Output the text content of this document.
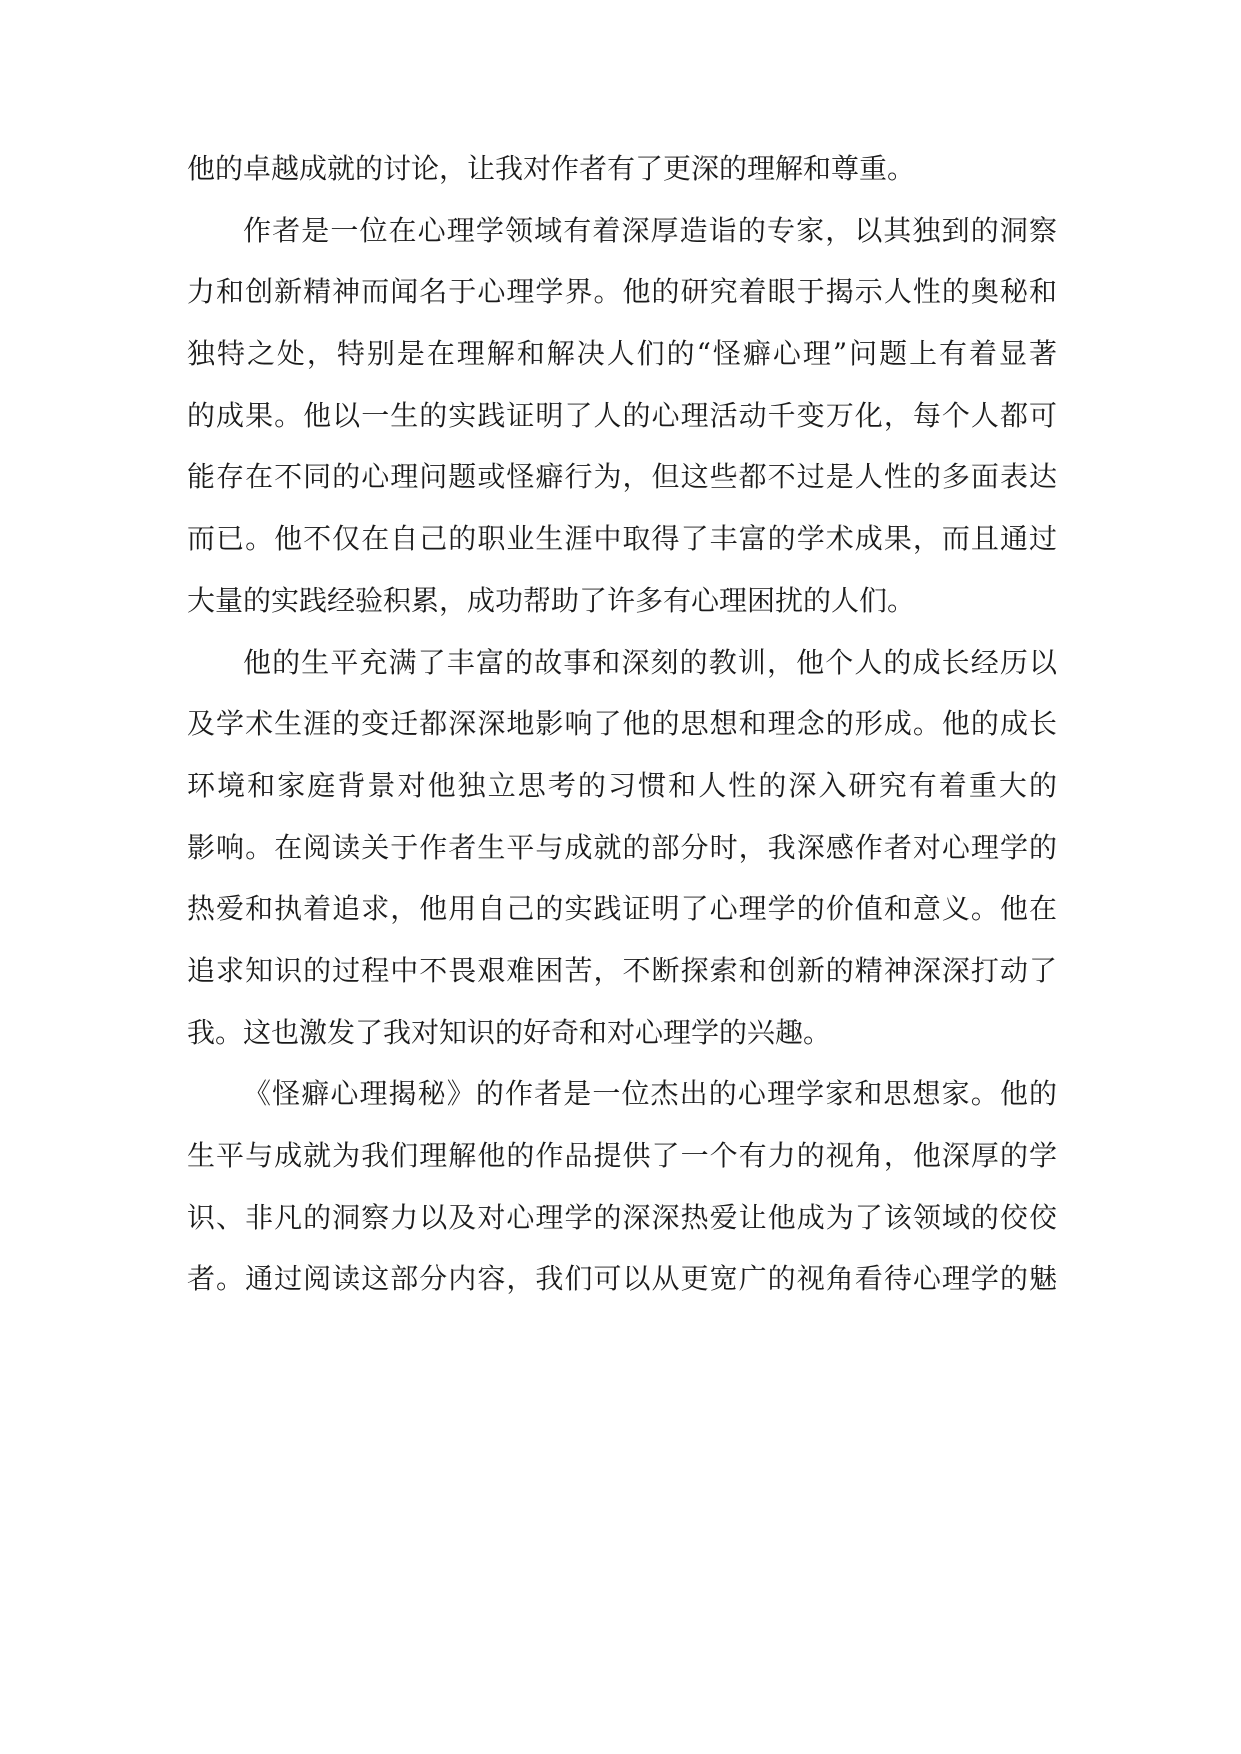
他的卓越成就的讨论，让我对作者有了更深的理解和尊重。
作者是一位在心理学领域有着深厚造诣的专家，以其独到的洞察
力和创新精神而闻名于心理学界。他的研究着眼于揭示人性的奥秘和
独特之处，特别是在理解和解决人们的“怪癖心理”问题上有着显著
的成果。他以一生的实践证明了人的心理活动千变万化，每个人都可
能存在不同的心理问题或怪癖行为，但这些都不过是人性的多面表达
而已。他不仅在自己的职业生涯中取得了丰富的学术成果，而且通过
大量的实践经验积累，成功帮助了许多有心理困扰的人们。
他的生平充满了丰富的故事和深刻的教训，他个人的成长经历以
及学术生涯的变迁都深深地影响了他的思想和理念的形成。他的成长
环境和家庭背景对他独立思考的习惯和人性的深入研究有着重大的
影响。在阅读关于作者生平与成就的部分时，我深感作者对心理学的
热爱和执着追求，他用自己的实践证明了心理学的价值和意义。他在
追求知识的过程中不畏艰难困苦，不断探索和创新的精神深深打动了
我。这也激发了我对知识的好奇和对心理学的兴趣。
《怪癖心理揭秘》的作者是一位杰出的心理学家和思想家。他的
生平与成就为我们理解他的作品提供了一个有力的视角，他深厚的学
识、非凡的洞察力以及对心理学的深深热爱让他成为了该领域的佼佼
者。通过阅读这部分内容，我们可以从更宽广的视角看待心理学的魅
